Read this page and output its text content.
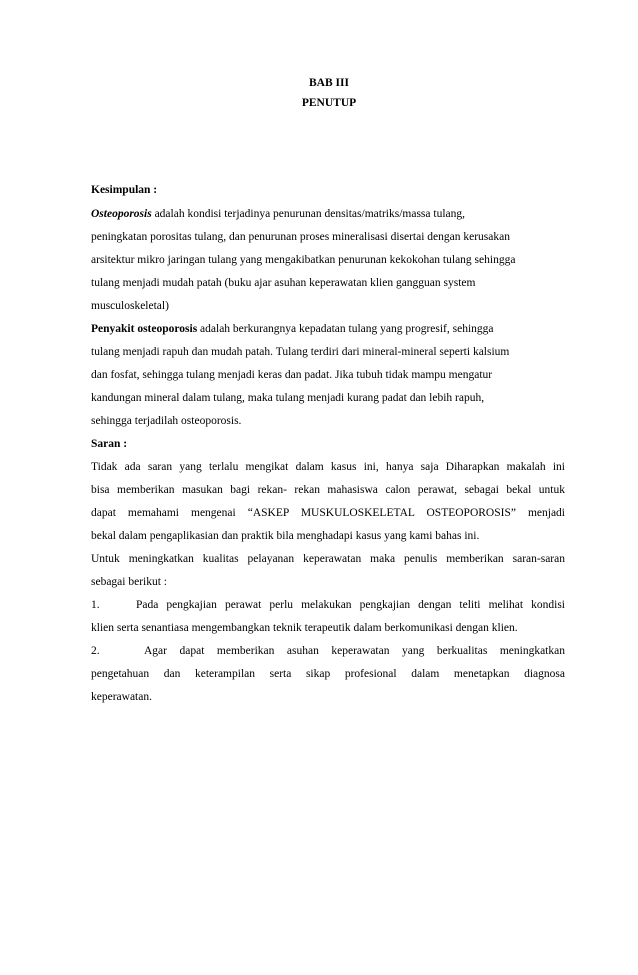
BAB III
PENUTUP
Kesimpulan :
Osteoporosis adalah kondisi terjadinya penurunan densitas/matriks/massa tulang,
peningkatan porositas tulang, dan penurunan proses mineralisasi disertai dengan kerusakan
arsitektur mikro jaringan tulang yang mengakibatkan penurunan kekokohan tulang sehingga
tulang menjadi mudah patah (buku ajar asuhan keperawatan klien gangguan system
musculoskeletal)
Penyakit osteoporosis adalah berkurangnya kepadatan tulang yang progresif, sehingga
tulang menjadi rapuh dan mudah patah. Tulang terdiri dari mineral-mineral seperti kalsium
dan fosfat, sehingga tulang menjadi keras dan padat. Jika tubuh tidak mampu mengatur
kandungan mineral dalam tulang, maka tulang menjadi kurang padat dan lebih rapuh,
sehingga terjadilah osteoporosis.
Saran :
Tidak ada saran yang terlalu mengikat dalam kasus ini, hanya saja Diharapkan makalah ini
bisa memberikan masukan bagi rekan- rekan mahasiswa calon perawat, sebagai bekal untuk
dapat memahami mengenai “ASKEP MUSKULOSKELETAL OSTEOPOROSIS” menjadi
bekal dalam pengaplikasian dan praktik bila menghadapi kasus yang kami bahas ini.
Untuk meningkatkan kualitas pelayanan keperawatan maka penulis memberikan saran-saran
sebagai berikut :
1.	Pada pengkajian perawat perlu melakukan pengkajian dengan teliti melihat kondisi
klien serta senantiasa mengembangkan teknik terapeutik dalam berkomunikasi dengan klien.
2.	Agar dapat memberikan asuhan keperawatan yang berkualitas meningkatkan
pengetahuan dan keterampilan serta sikap profesional dalam menetapkan diagnosa
keperawatan.
